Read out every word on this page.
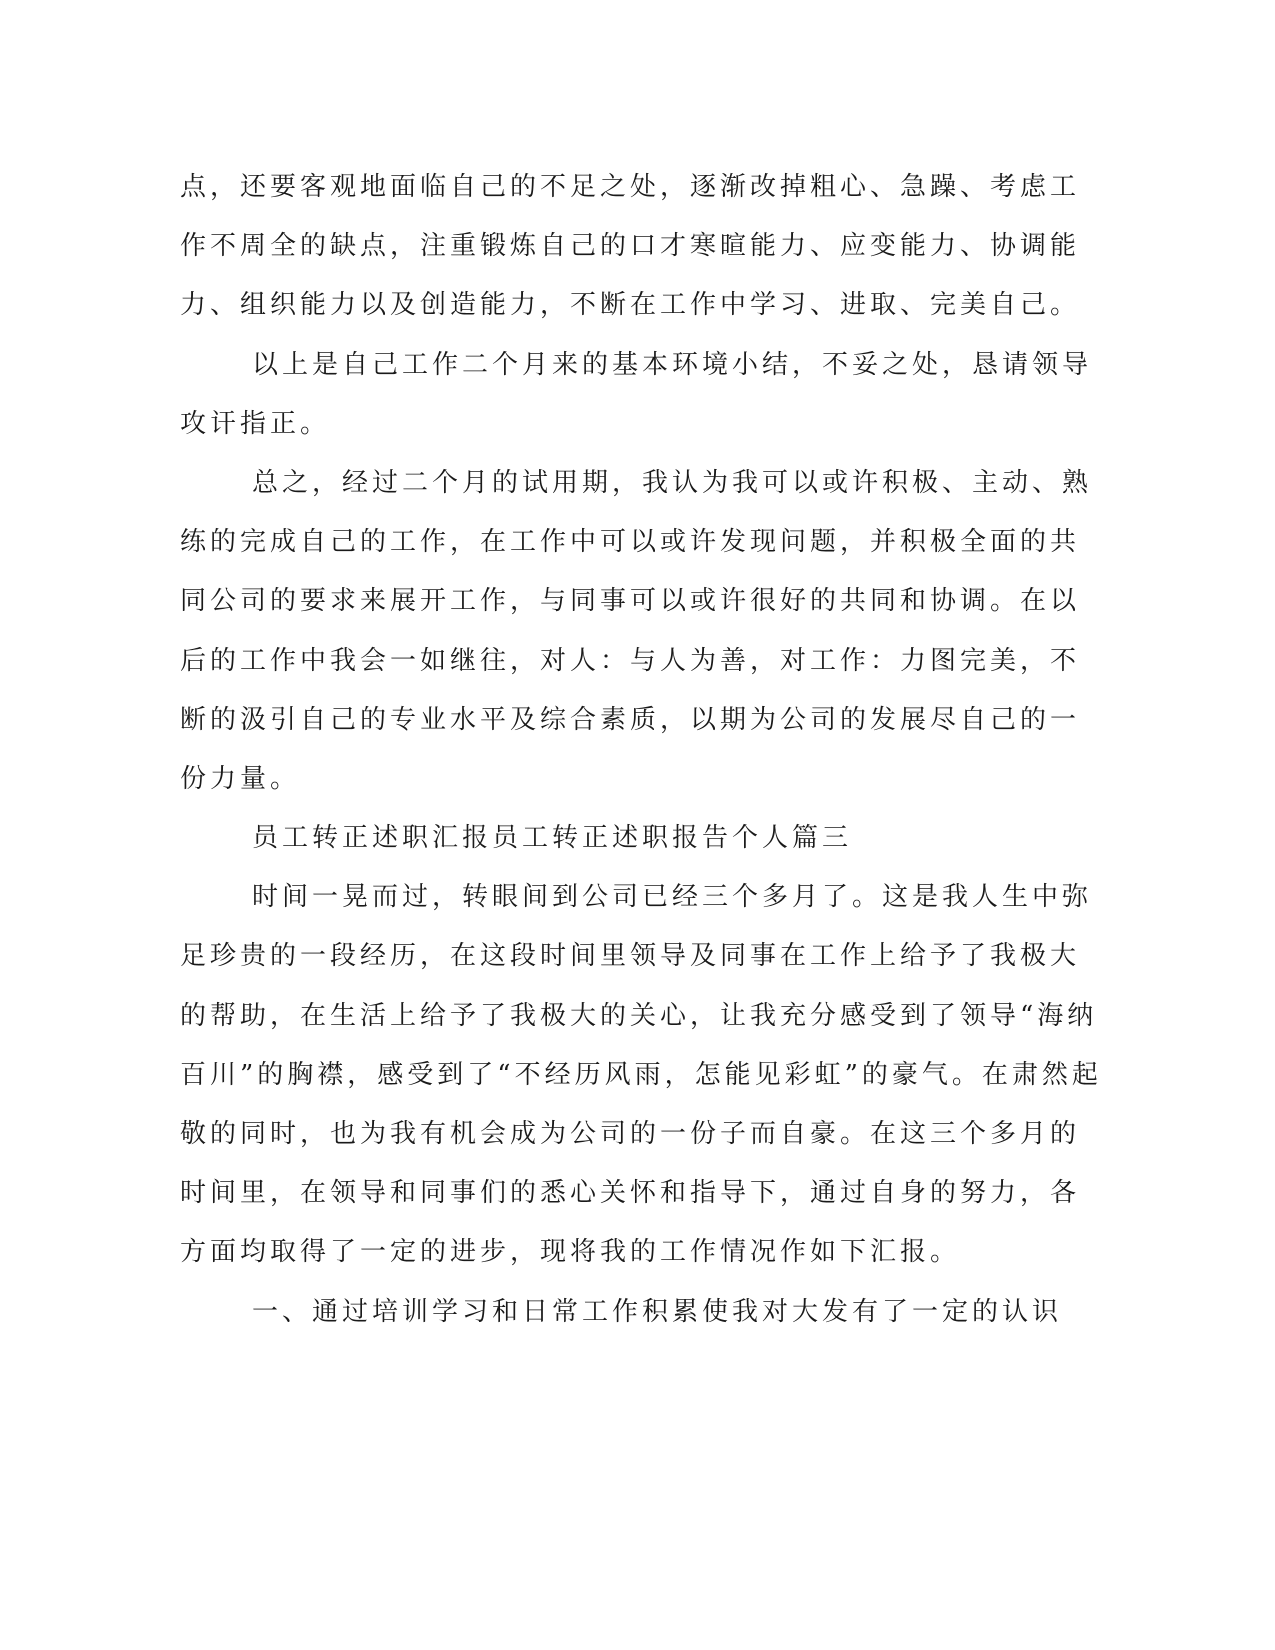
点，还要客观地面临自己的不足之处，逐渐改掉粗心、急躁、考虑工
作不周全的缺点，注重锻炼自己的口才寒暄能力、应变能力、协调能
力、组织能力以及创造能力，不断在工作中学习、进取、完美自己。
以上是自己工作二个月来的基本环境小结，不妥之处，恳请领导
攻讦指正。
总之，经过二个月的试用期，我认为我可以或许积极、主动、熟
练的完成自己的工作，在工作中可以或许发现问题，并积极全面的共
同公司的要求来展开工作，与同事可以或许很好的共同和协调。在以
后的工作中我会一如继往，对人：与人为善，对工作：力图完美，不
断的汲引自己的专业水平及综合素质，以期为公司的发展尽自己的一
份力量。
员工转正述职汇报员工转正述职报告个人篇三
时间一晃而过，转眼间到公司已经三个多月了。这是我人生中弥
足珍贵的一段经历，在这段时间里领导及同事在工作上给予了我极大
的帮助，在生活上给予了我极大的关心，让我充分感受到了领导“海纳
百川”的胸襟，感受到了“不经历风雨，怎能见彩虹”的豪气。在肃然起
敬的同时，也为我有机会成为公司的一份子而自豪。在这三个多月的
时间里，在领导和同事们的悉心关怀和指导下，通过自身的努力，各
方面均取得了一定的进步，现将我的工作情况作如下汇报。
一、通过培训学习和日常工作积累使我对大发有了一定的认识
